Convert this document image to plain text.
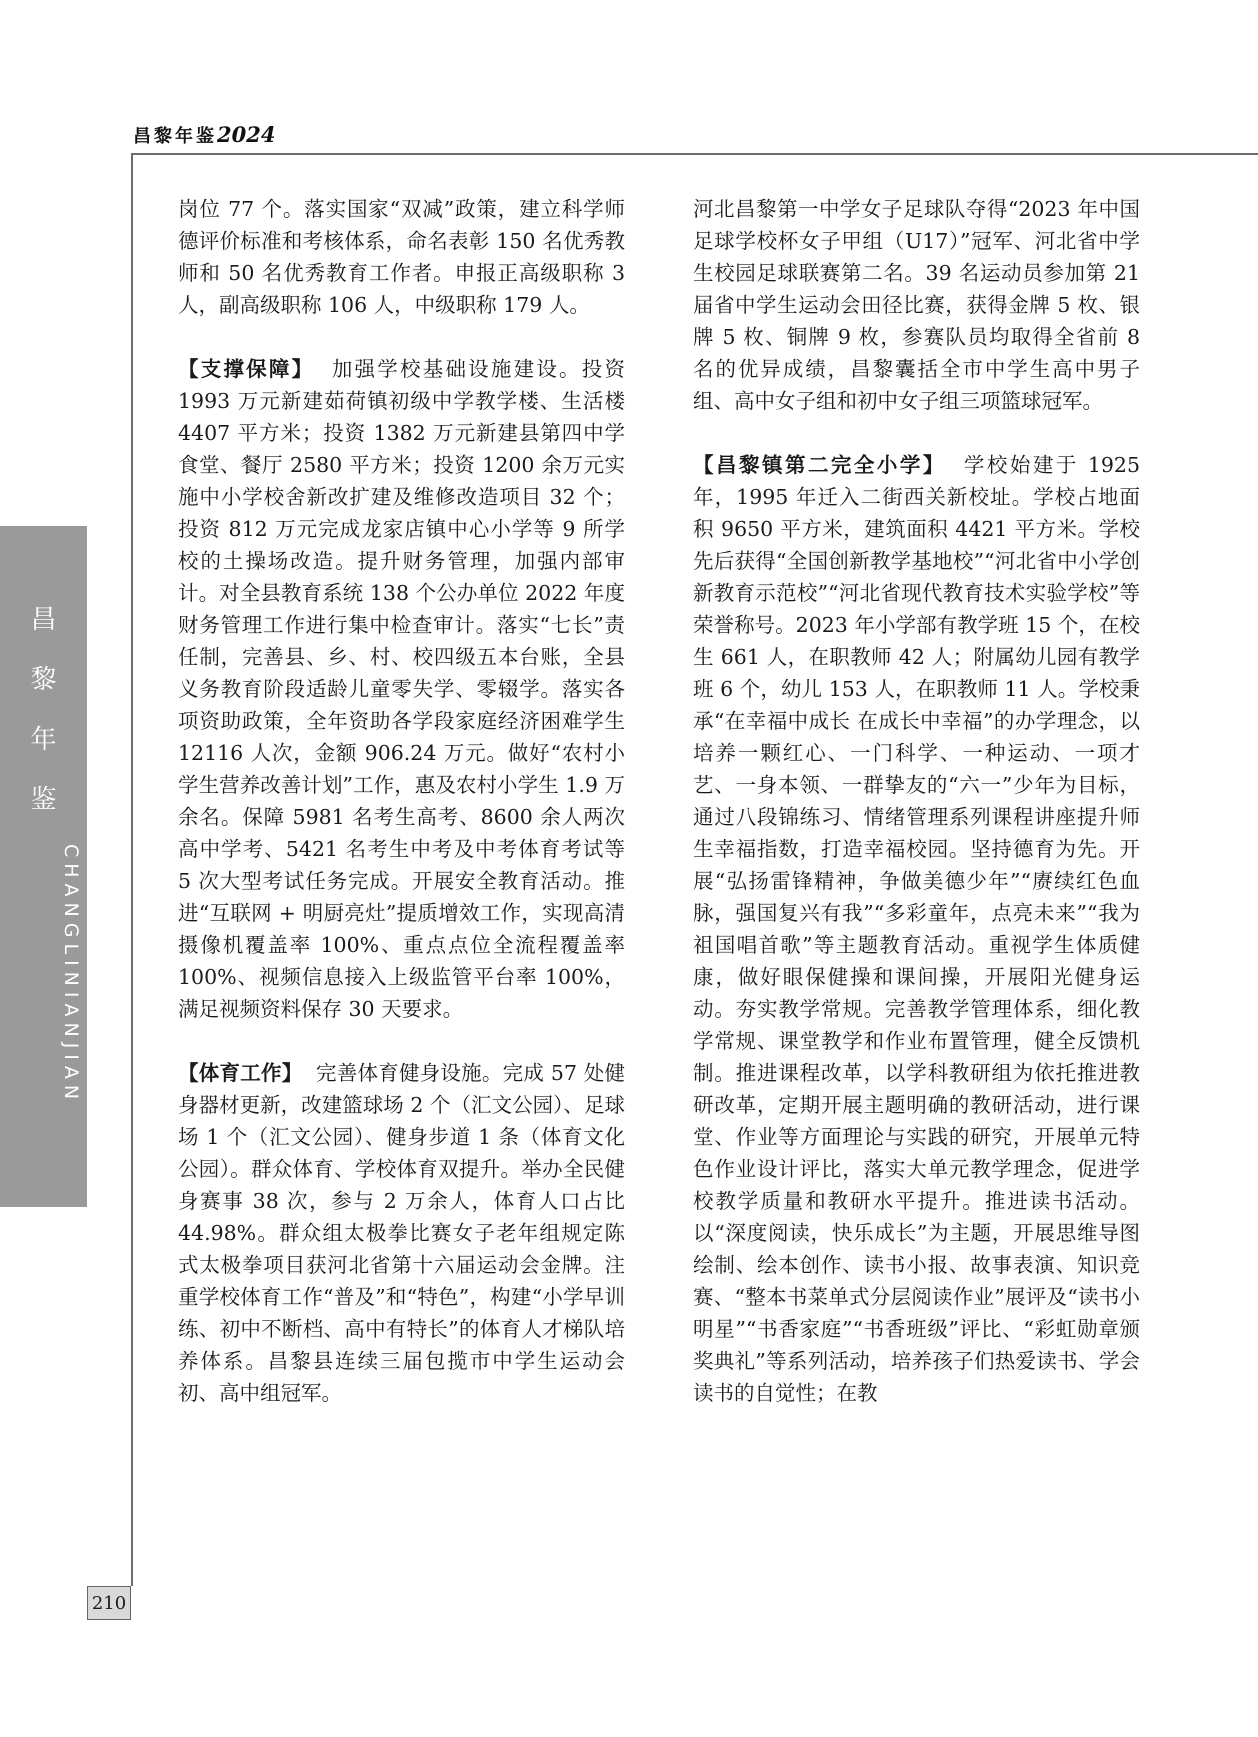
昌黎年鉴2024
昌
黎
年
鉴
CHANGLINIANJIAN

岗位 77 个。落实国家“双减”政策，建立科学师德评价标准和考核体系，命名表彰 150 名优秀教师和 50 名优秀教育工作者。申报正高级职称 3 人，副高级职称 106 人，中级职称 179 人。

【支撑保障】 加强学校基础设施建设。投资 1993 万元新建茹荷镇初级中学教学楼、生活楼 4407 平方米；投资 1382 万元新建县第四中学食堂、餐厅 2580 平方米；投资 1200 余万元实施中小学校舍新改扩建及维修改造项目 32 个；投资 812 万元完成龙家店镇中心小学等 9 所学校的土操场改造。提升财务管理，加强内部审计。对全县教育系统 138 个公办单位 2022 年度财务管理工作进行集中检查审计。落实“七长”责任制，完善县、乡、村、校四级五本台账，全县义务教育阶段适龄儿童零失学、零辍学。落实各项资助政策，全年资助各学段家庭经济困难学生 12116 人次，金额 906.24 万元。做好“农村小学生营养改善计划”工作，惠及农村小学生 1.9 万余名。保障 5981 名考生高考、8600 余人两次高中学考、5421 名考生中考及中考体育考试等 5 次大型考试任务完成。开展安全教育活动。推进“互联网 + 明厨亮灶”提质增效工作，实现高清摄像机覆盖率 100%、重点点位全流程覆盖率 100%、视频信息接入上级监管平台率 100%，满足视频资料保存 30 天要求。

【体育工作】 完善体育健身设施。完成 57 处健身器材更新，改建篮球场 2 个（汇文公园）、足球场 1 个（汇文公园）、健身步道 1 条（体育文化公园）。群众体育、学校体育双提升。举办全民健身赛事 38 次，参与 2 万余人，体育人口占比 44.98%。群众组太极拳比赛女子老年组规定陈式太极拳项目获河北省第十六届运动会金牌。注重学校体育工作“普及”和“特色”，构建“小学早训练、初中不断档、高中有特长”的体育人才梯队培养体系。昌黎县连续三届包揽市中学生运动会初、高中组冠军。

河北昌黎第一中学女子足球队夺得“2023 年中国足球学校杯女子甲组（U17）”冠军、河北省中学生校园足球联赛第二名。39 名运动员参加第 21 届省中学生运动会田径比赛，获得金牌 5 枚、银牌 5 枚、铜牌 9 枚，参赛队员均取得全省前 8 名的优异成绩，昌黎囊括全市中学生高中男子组、高中女子组和初中女子组三项篮球冠军。

【昌黎镇第二完全小学】 学校始建于 1925 年，1995 年迁入二街西关新校址。学校占地面积 9650 平方米，建筑面积 4421 平方米。学校先后获得“全国创新教学基地校”“河北省中小学创新教育示范校”“河北省现代教育技术实验学校”等荣誉称号。2023 年小学部有教学班 15 个，在校生 661 人，在职教师 42 人；附属幼儿园有教学班 6 个，幼儿 153 人，在职教师 11 人。学校秉承“在幸福中成长 在成长中幸福”的办学理念，以培养一颗红心、一门科学、一种运动、一项才艺、一身本领、一群挚友的“六一”少年为目标，通过八段锦练习、情绪管理系列课程讲座提升师生幸福指数，打造幸福校园。坚持德育为先。开展“弘扬雷锋精神，争做美德少年”“赓续红色血脉，强国复兴有我”“多彩童年，点亮未来”“我为祖国唱首歌”等主题教育活动。重视学生体质健康，做好眼保健操和课间操，开展阳光健身运动。夯实教学常规。完善教学管理体系，细化教学常规、课堂教学和作业布置管理，健全反馈机制。推进课程改革，以学科教研组为依托推进教研改革，定期开展主题明确的教研活动，进行课堂、作业等方面理论与实践的研究，开展单元特色作业设计评比，落实大单元教学理念，促进学校教学质量和教研水平提升。推进读书活动。以“深度阅读，快乐成长”为主题，开展思维导图绘制、绘本创作、读书小报、故事表演、知识竞赛、“整本书菜单式分层阅读作业”展评及“读书小明星”“书香家庭”“书香班级”评比、“彩虹勋章颁奖典礼”等系列活动，培养孩子们热爱读书、学会读书的自觉性；在教

210
